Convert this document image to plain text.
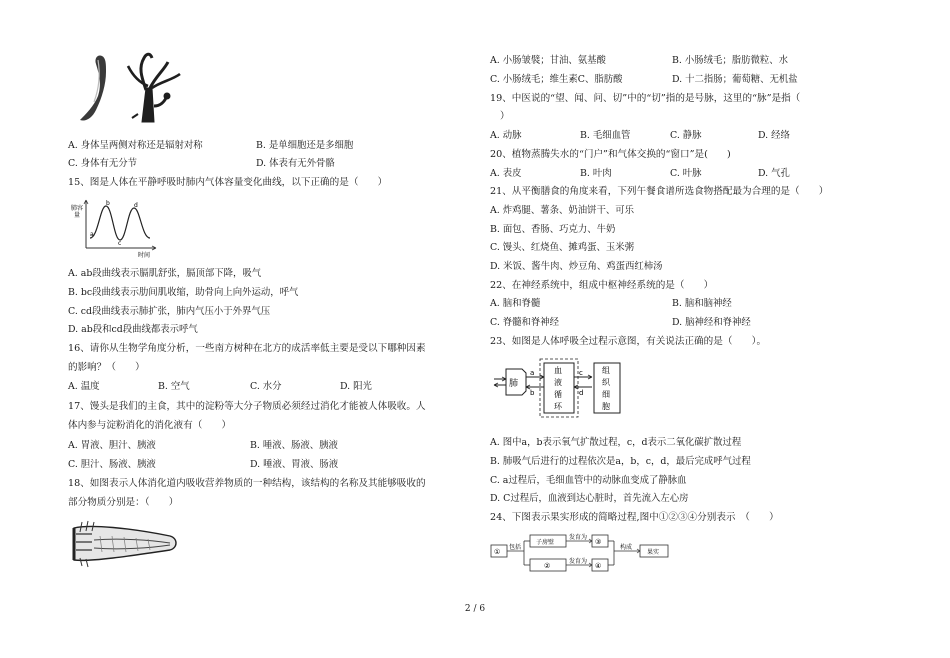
A. 身体呈两侧对称还是辐射对称	B. 是单细胞还是多细胞
C. 身体有无分节	D. 体表有无外骨骼
15、图是人体在平静呼吸时肺内气体容量变化曲线，以下正确的是（　　）
肺容
量
时间
a
b
c
d
A. ab段曲线表示膈肌舒张，膈顶部下降，吸气
B. bc段曲线表示肋间肌收缩，助骨向上向外运动，呼气
C. cd段曲线表示肺扩张，肺内气压小于外界气压
D. ab段和cd段曲线都表示呼气
16、请你从生物学角度分析，一些南方树种在北方的成活率低主要是受以下哪种因素
的影响？（　　）
A. 温度	B. 空气	C. 水分	D. 阳光
17、馒头是我们的主食，其中的淀粉等大分子物质必须经过消化才能被人体吸收。人
体内参与淀粉消化的消化液有（　　）
A. 胃液、胆汁、胰液	B. 唾液、肠液、胰液
C. 胆汁、肠液、胰液	D. 唾液、胃液、肠液
18、如图表示人体消化道内吸收营养物质的一种结构，该结构的名称及其能够吸收的
部分物质分别是：（　　）
A. 小肠皱襞；甘油、氨基酸	B. 小肠绒毛；脂肪微粒、水
C. 小肠绒毛；维生素C、脂肪酸	D. 十二指肠；葡萄糖、无机盐
19、中医说的“望、闻、问、切”中的“切”指的是号脉，这里的“脉”是指（
）
A. 动脉	B. 毛细血管	C. 静脉	D. 经络
20、植物蒸腾失水的“门户”和气体交换的“窗口”是(　　)
A. 表皮	B. 叶肉	C. 叶脉	D. 气孔
21、从平衡膳食的角度来看，下列午餐食谱所选食物搭配最为合理的是（　　）
A. 炸鸡腿、薯条、奶油饼干、可乐
B. 面包、香肠、巧克力、牛奶
C. 馒头、红烧鱼、摊鸡蛋、玉米粥
D. 米饭、酱牛肉、炒豆角、鸡蛋西红柿汤
22、在神经系统中，组成中枢神经系统的是（　　）
A. 脑和脊髓	B. 脑和脑神经
C. 脊髓和脊神经	D. 脑神经和脊神经
23、如图是人体呼吸全过程示意图，有关说法正确的是（　　）。
肺
a
b
血
液
循
环
c
d
组
织
细
胞
A. 图中a，b表示氧气扩散过程，c，d表示二氧化碳扩散过程
B. 肺吸气后进行的过程依次是a，b，c，d，最后完成呼气过程
C. a过程后，毛细血管中的动脉血变成了静脉血
D. C过程后，血液到达心脏时，首先流入左心房
24、下图表示果实形成的简略过程,图中①②③④分别表示　（　　）
①
包括
子房壁
②
发育为
发育为
③
④
构成
果实
2 / 6
